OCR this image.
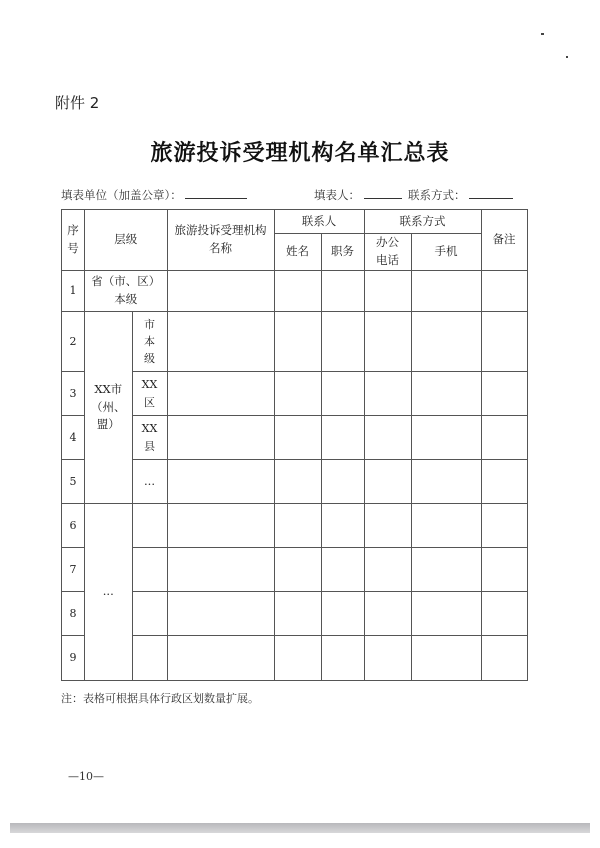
附件 2
旅游投诉受理机构名单汇总表
填表单位（加盖公章）：	填表人：	联系方式：
序号	层级		旅游投诉受理机构名称	联系人		联系方式		备注
				姓名	职务	办公电话	手机	
1	省（市、区）本级							
2	XX市（州、盟）	市本级						
3		XX区						
4		XX县						
5		...						
6	...							
7								
8								
9								
注：表格可根据具体行政区划数量扩展。
—10—
